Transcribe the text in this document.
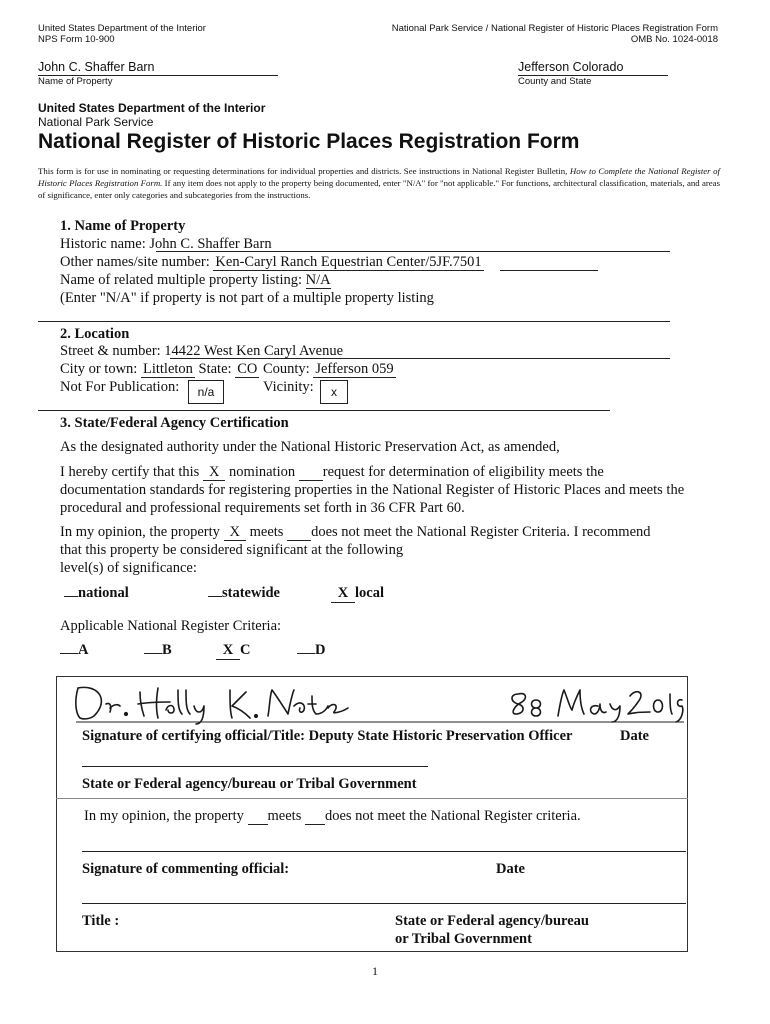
United States Department of the Interior
NPS Form 10-900
National Park Service / National Register of Historic Places Registration Form
OMB No. 1024-0018
John C. Shaffer Barn
Name of Property
Jefferson Colorado
County and State
United States Department of the Interior
National Park Service
National Register of Historic Places Registration Form
This form is for use in nominating or requesting determinations for individual properties and districts. See instructions in National Register Bulletin, How to Complete the National Register of Historic Places Registration Form. If any item does not apply to the property being documented, enter "N/A" for "not applicable." For functions, architectural classification, materials, and areas of significance, enter only categories and subcategories from the instructions.
1. Name of Property
Historic name: John C. Shaffer Barn
Other names/site number: Ken-Caryl Ranch Equestrian Center/5JF.7501
Name of related multiple property listing: N/A
(Enter "N/A" if property is not part of a multiple property listing
2. Location
Street & number: 14422 West Ken Caryl Avenue
City or town: Littleton State: CO County: Jefferson 059
Not For Publication:	n/a	Vicinity:	x
3. State/Federal Agency Certification
As the designated authority under the National Historic Preservation Act, as amended,
I hereby certify that this X nomination request for determination of eligibility meets the
documentation standards for registering properties in the National Register of Historic Places and meets the
procedural and professional requirements set forth in 36 CFR Part 60.
In my opinion, the property X meets does not meet the National Register Criteria. I recommend
that this property be considered significant at the following
level(s) of significance:
national	statewide	X local
Applicable National Register Criteria:
A	B	X C	D
Signature of certifying official/Title: Deputy State Historic Preservation Officer	Date
State or Federal agency/bureau or Tribal Government
In my opinion, the property meets does not meet the National Register criteria.
Signature of commenting official:	Date
Title :	State or Federal agency/bureau
or Tribal Government
1
